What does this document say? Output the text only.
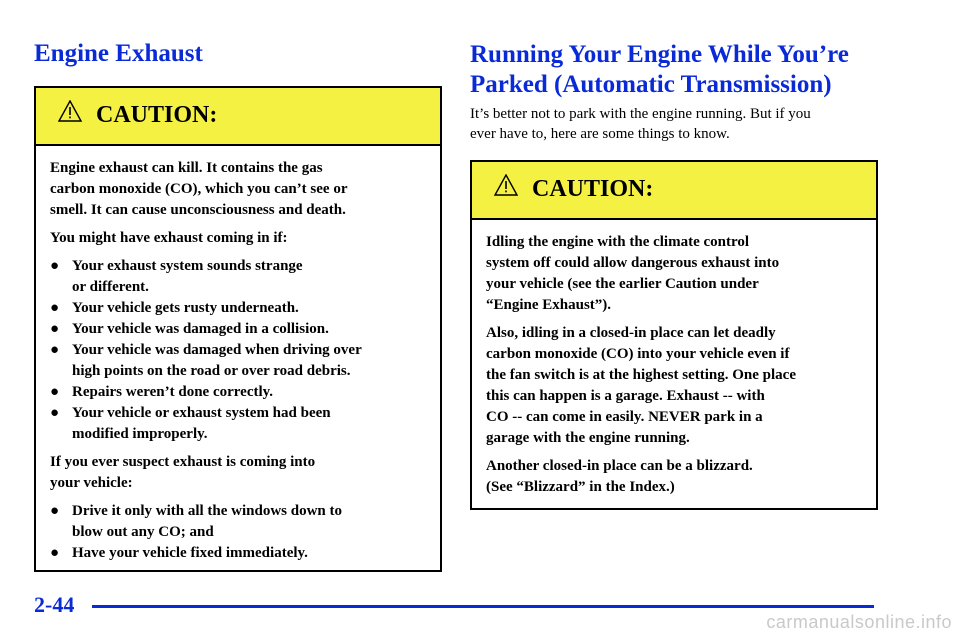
Engine Exhaust
CAUTION:

Engine exhaust can kill. It contains the gas
carbon monoxide (CO), which you can’t see or
smell. It can cause unconsciousness and death.

You might have exhaust coming in if:

● Your exhaust system sounds strange
or different.
● Your vehicle gets rusty underneath.
● Your vehicle was damaged in a collision.
● Your vehicle was damaged when driving over
high points on the road or over road debris.
● Repairs weren’t done correctly.
● Your vehicle or exhaust system had been
modified improperly.

If you ever suspect exhaust is coming into
your vehicle:

● Drive it only with all the windows down to
blow out any CO; and
● Have your vehicle fixed immediately.
Running Your Engine While You’re
Parked (Automatic Transmission)

It’s better not to park with the engine running. But if you
ever have to, here are some things to know.

CAUTION:

Idling the engine with the climate control
system off could allow dangerous exhaust into
your vehicle (see the earlier Caution under
“Engine Exhaust”).

Also, idling in a closed-in place can let deadly
carbon monoxide (CO) into your vehicle even if
the fan switch is at the highest setting. One place
this can happen is a garage. Exhaust -- with
CO -- can come in easily. NEVER park in a
garage with the engine running.

Another closed-in place can be a blizzard.
(See “Blizzard” in the Index.)

2-44
carmanualsonline.info
